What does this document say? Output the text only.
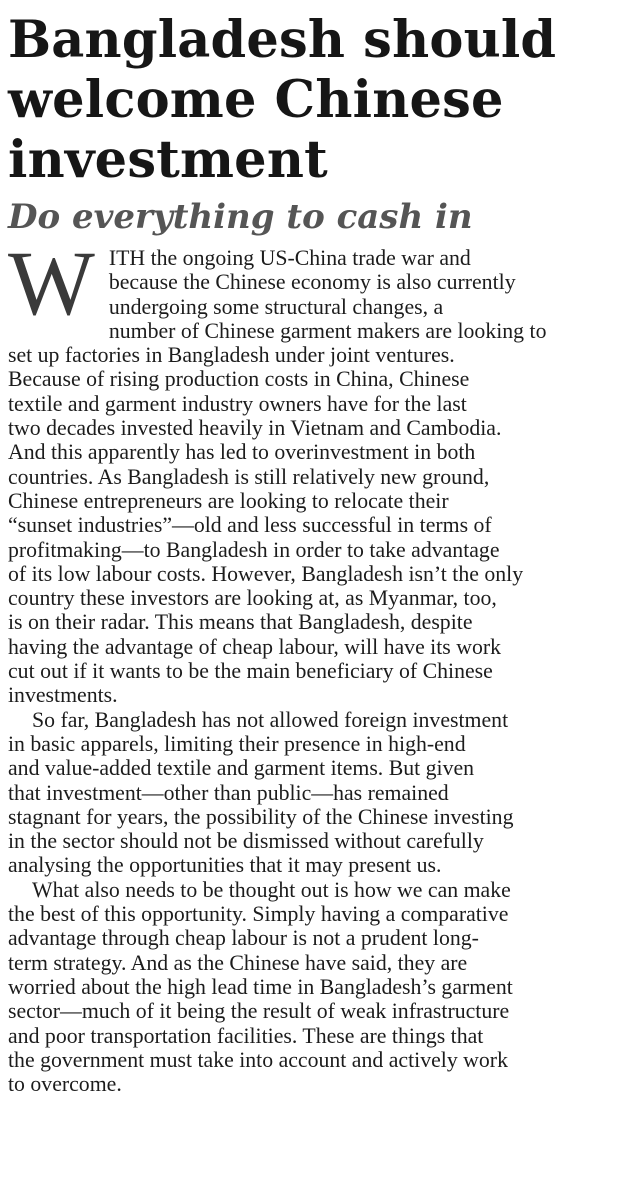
Bangladesh should
welcome Chinese
investment
Do everything to cash in

WITH the ongoing US-China trade war and
because the Chinese economy is also currently
undergoing some structural changes, a
number of Chinese garment makers are looking to
set up factories in Bangladesh under joint ventures.
Because of rising production costs in China, Chinese
textile and garment industry owners have for the last
two decades invested heavily in Vietnam and Cambodia.
And this apparently has led to overinvestment in both
countries. As Bangladesh is still relatively new ground,
Chinese entrepreneurs are looking to relocate their
“sunset industries”—old and less successful in terms of
profitmaking—to Bangladesh in order to take advantage
of its low labour costs. However, Bangladesh isn’t the only
country these investors are looking at, as Myanmar, too,
is on their radar. This means that Bangladesh, despite
having the advantage of cheap labour, will have its work
cut out if it wants to be the main beneficiary of Chinese
investments.

So far, Bangladesh has not allowed foreign investment
in basic apparels, limiting their presence in high-end
and value-added textile and garment items. But given
that investment—other than public—has remained
stagnant for years, the possibility of the Chinese investing
in the sector should not be dismissed without carefully
analysing the opportunities that it may present us.

What also needs to be thought out is how we can make
the best of this opportunity. Simply having a comparative
advantage through cheap labour is not a prudent long-
term strategy. And as the Chinese have said, they are
worried about the high lead time in Bangladesh’s garment
sector—much of it being the result of weak infrastructure
and poor transportation facilities. These are things that
the government must take into account and actively work
to overcome.
